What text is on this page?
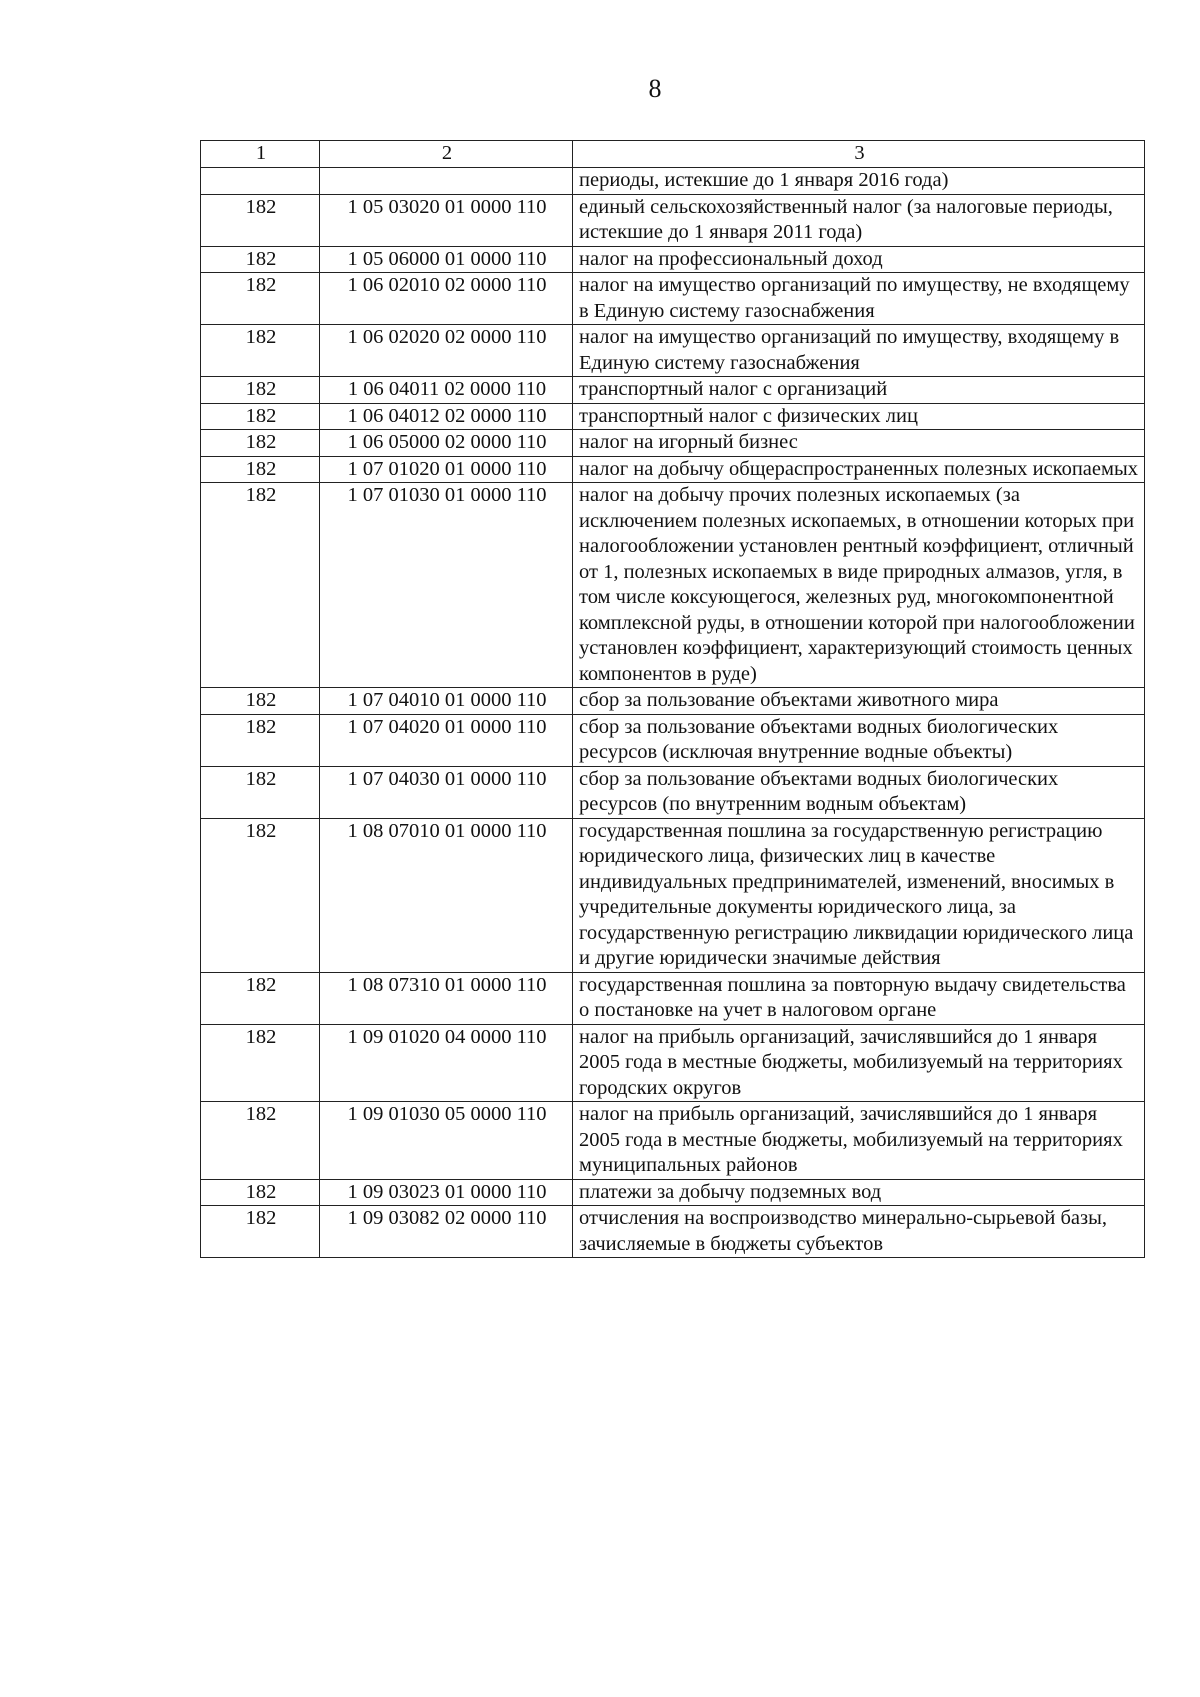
8
1	2	3
		периоды, истекшие до 1 января 2016 года)
182	1 05 03020 01 0000 110	единый сельскохозяйственный налог (за налоговые периоды, истекшие до 1 января 2011 года)
182	1 05 06000 01 0000 110	налог на профессиональный доход
182	1 06 02010 02 0000 110	налог на имущество организаций по имуществу, не входящему в Единую систему газоснабжения
182	1 06 02020 02 0000 110	налог на имущество организаций по имуществу, входящему в Единую систему газоснабжения
182	1 06 04011 02 0000 110	транспортный налог с организаций
182	1 06 04012 02 0000 110	транспортный налог с физических лиц
182	1 06 05000 02 0000 110	налог на игорный бизнес
182	1 07 01020 01 0000 110	налог на добычу общераспространенных полезных ископаемых
182	1 07 01030 01 0000 110	налог на добычу прочих полезных ископаемых (за исключением полезных ископаемых, в отношении которых при налогообложении установлен рентный коэффициент, отличный от 1, полезных ископаемых в виде природных алмазов, угля, в том числе коксующегося, железных руд, многокомпонентной комплексной руды, в отношении которой при налогообложении установлен коэффициент, характеризующий стоимость ценных компонентов в руде)
182	1 07 04010 01 0000 110	сбор за пользование объектами животного мира
182	1 07 04020 01 0000 110	сбор за пользование объектами водных биологических ресурсов (исключая внутренние водные объекты)
182	1 07 04030 01 0000 110	сбор за пользование объектами водных биологических ресурсов (по внутренним водным объектам)
182	1 08 07010 01 0000 110	государственная пошлина за государственную регистрацию юридического лица, физических лиц в качестве индивидуальных предпринимателей, изменений, вносимых в учредительные документы юридического лица, за государственную регистрацию ликвидации юридического лица и другие юридически значимые действия
182	1 08 07310 01 0000 110	государственная пошлина за повторную выдачу свидетельства о постановке на учет в налоговом органе
182	1 09 01020 04 0000 110	налог на прибыль организаций, зачислявшийся до 1 января 2005 года в местные бюджеты, мобилизуемый на территориях городских округов
182	1 09 01030 05 0000 110	налог на прибыль организаций, зачислявшийся до 1 января 2005 года в местные бюджеты, мобилизуемый на территориях муниципальных районов
182	1 09 03023 01 0000 110	платежи за добычу подземных вод
182	1 09 03082 02 0000 110	отчисления на воспроизводство минерально-сырьевой базы, зачисляемые в бюджеты субъектов
